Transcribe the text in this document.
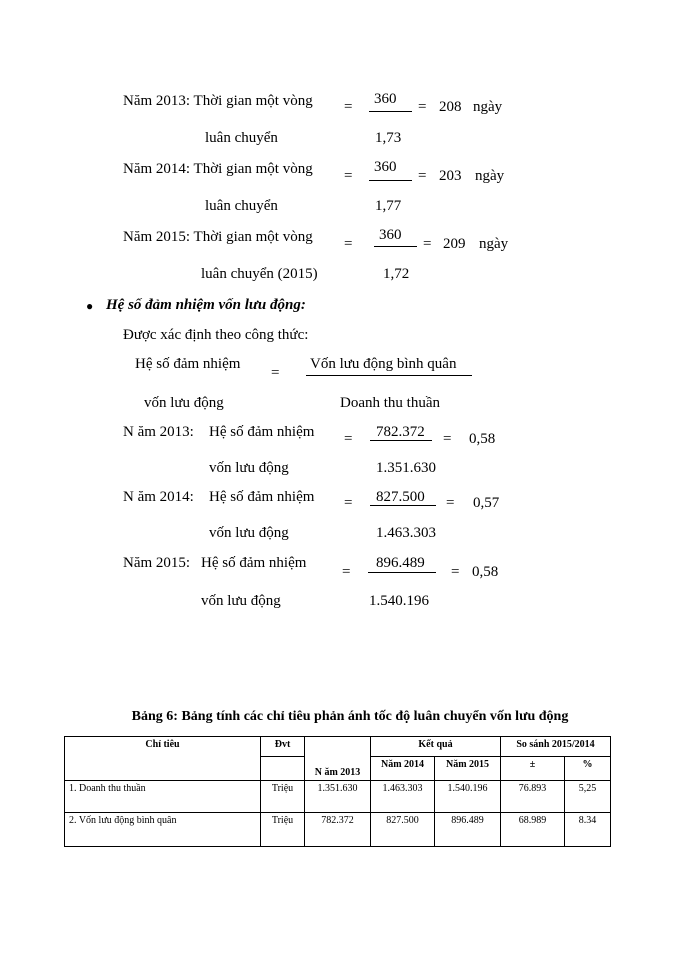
Năm 2013: Thời gian một vòng
luân chuyển
= 360
1,73
= 208 ngày
Năm 2014: Thời gian một vòng
luân chuyển
=
360
1,77
= 203 ngày
Năm 2015: Thời gian một vòng
luân chuyển (2015)
=
360
1,72
= 209 ngày
● Hệ số đảm nhiệm vốn lưu động:
Được xác định theo công thức:
Hệ số đảm nhiệm
vốn lưu động
=
Vốn lưu động bình quân
Doanh thu thuần
N ăm 2013: Hệ số đảm nhiệm
vốn lưu động
= 782.372
1.351.630
= 0,58
N ăm 2014: Hệ số đảm nhiệm
vốn lưu động
= 827.500
1.463.303
= 0,57
Năm 2015: Hệ số đảm nhiệm
vốn lưu động
=
896.489
1.540.196
= 0,58
Bảng 6: Bảng tính các chỉ tiêu phản ánh tốc độ luân chuyển vốn lưu động
Chỉ tiêu	Đvt	N ăm 2013	Kết quả		So sánh 2015/2014	
			Năm 2014	Năm 2015	±	%
1. Doanh thu thuần	Triệu	1.351.630	1.463.303	1.540.196	76.893	5,25
2. Vốn lưu động bình quân	Triệu	782.372	827.500	896.489	68.989	8.34
